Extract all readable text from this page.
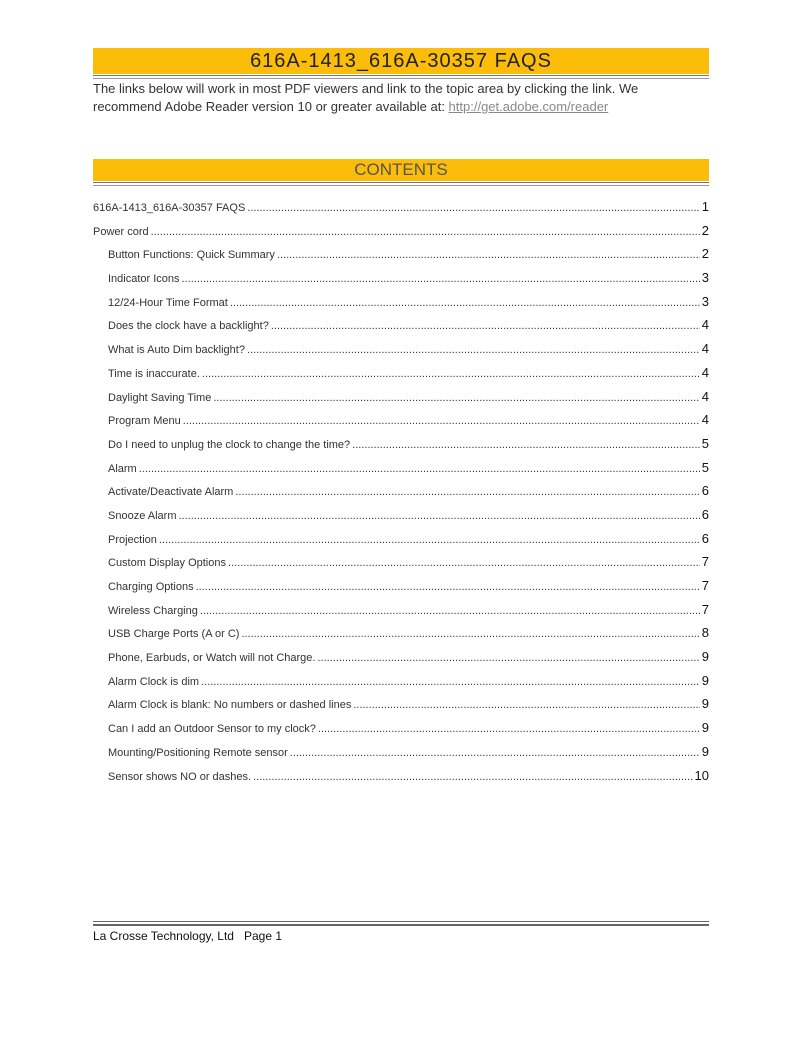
616A-1413_616A-30357 FAQS
The links below will work in most PDF viewers and link to the topic area by clicking the link. We recommend Adobe Reader version 10 or greater available at: http://get.adobe.com/reader
CONTENTS
616A-1413_616A-30357 FAQS .....	1
Power cord .....	2
Button Functions: Quick Summary .....	2
Indicator Icons .....	3
12/24-Hour Time Format .....	3
Does the clock have a backlight? .....	4
What is Auto Dim backlight? .....	4
Time is inaccurate. .....	4
Daylight Saving Time .....	4
Program Menu .....	4
Do I need to unplug the clock to change the time? .....	5
Alarm .....	5
Activate/Deactivate Alarm .....	6
Snooze Alarm .....	6
Projection .....	6
Custom Display Options .....	7
Charging Options .....	7
Wireless Charging .....	7
USB Charge Ports (A or C) .....	8
Phone, Earbuds, or Watch will not Charge. .....	9
Alarm Clock is dim .....	9
Alarm Clock is blank: No numbers or dashed lines .....	9
Can I add an Outdoor Sensor to my clock? .....	9
Mounting/Positioning Remote sensor .....	9
Sensor shows NO or dashes. .....	10
La Crosse Technology, Ltd Page 1
